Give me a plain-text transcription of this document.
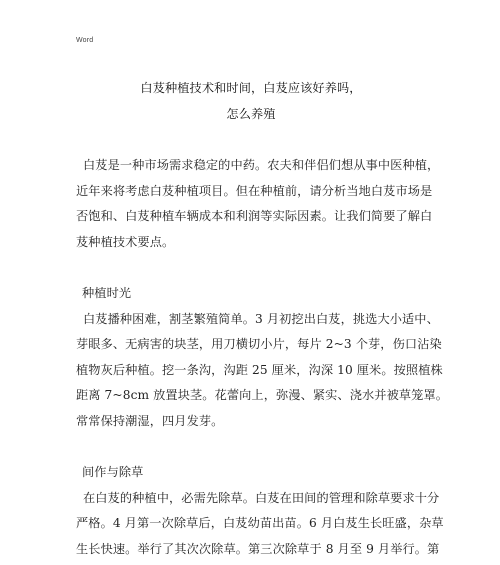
Word
白芨种植技术和时间，白芨应该好养吗，
怎么养殖
白芨是一种市场需求稳定的中药。农夫和伴侣们想从事中医种植，
近年来将考虑白芨种植项目。但在种植前，请分析当地白芨市场是
否饱和、白芨种植车辆成本和利润等实际因素。让我们简要了解白
芨种植技术要点。
种植时光
白芨播种困难，割茎繁殖简单。3 月初挖出白芨，挑选大小适中、
芽眼多、无病害的块茎，用刀横切小片，每片 2~3 个芽，伤口沾染
植物灰后种植。挖一条沟，沟距 25 厘米，沟深 10 厘米。按照植株
距离 7~8cm 放置块茎。花蕾向上，弥漫、紧实、浇水并被草笼罩。
常常保持潮湿，四月发芽。
间作与除草
在白芨的种植中，必需先除草。白芨在田间的管理和除草要求十分
严格。4 月第一次除草后，白芨幼苗出苗。6 月白芨生长旺盛，杂草
生长快速。举行了其次次除草。第三次除草于 8 月至 9 月举行。第
